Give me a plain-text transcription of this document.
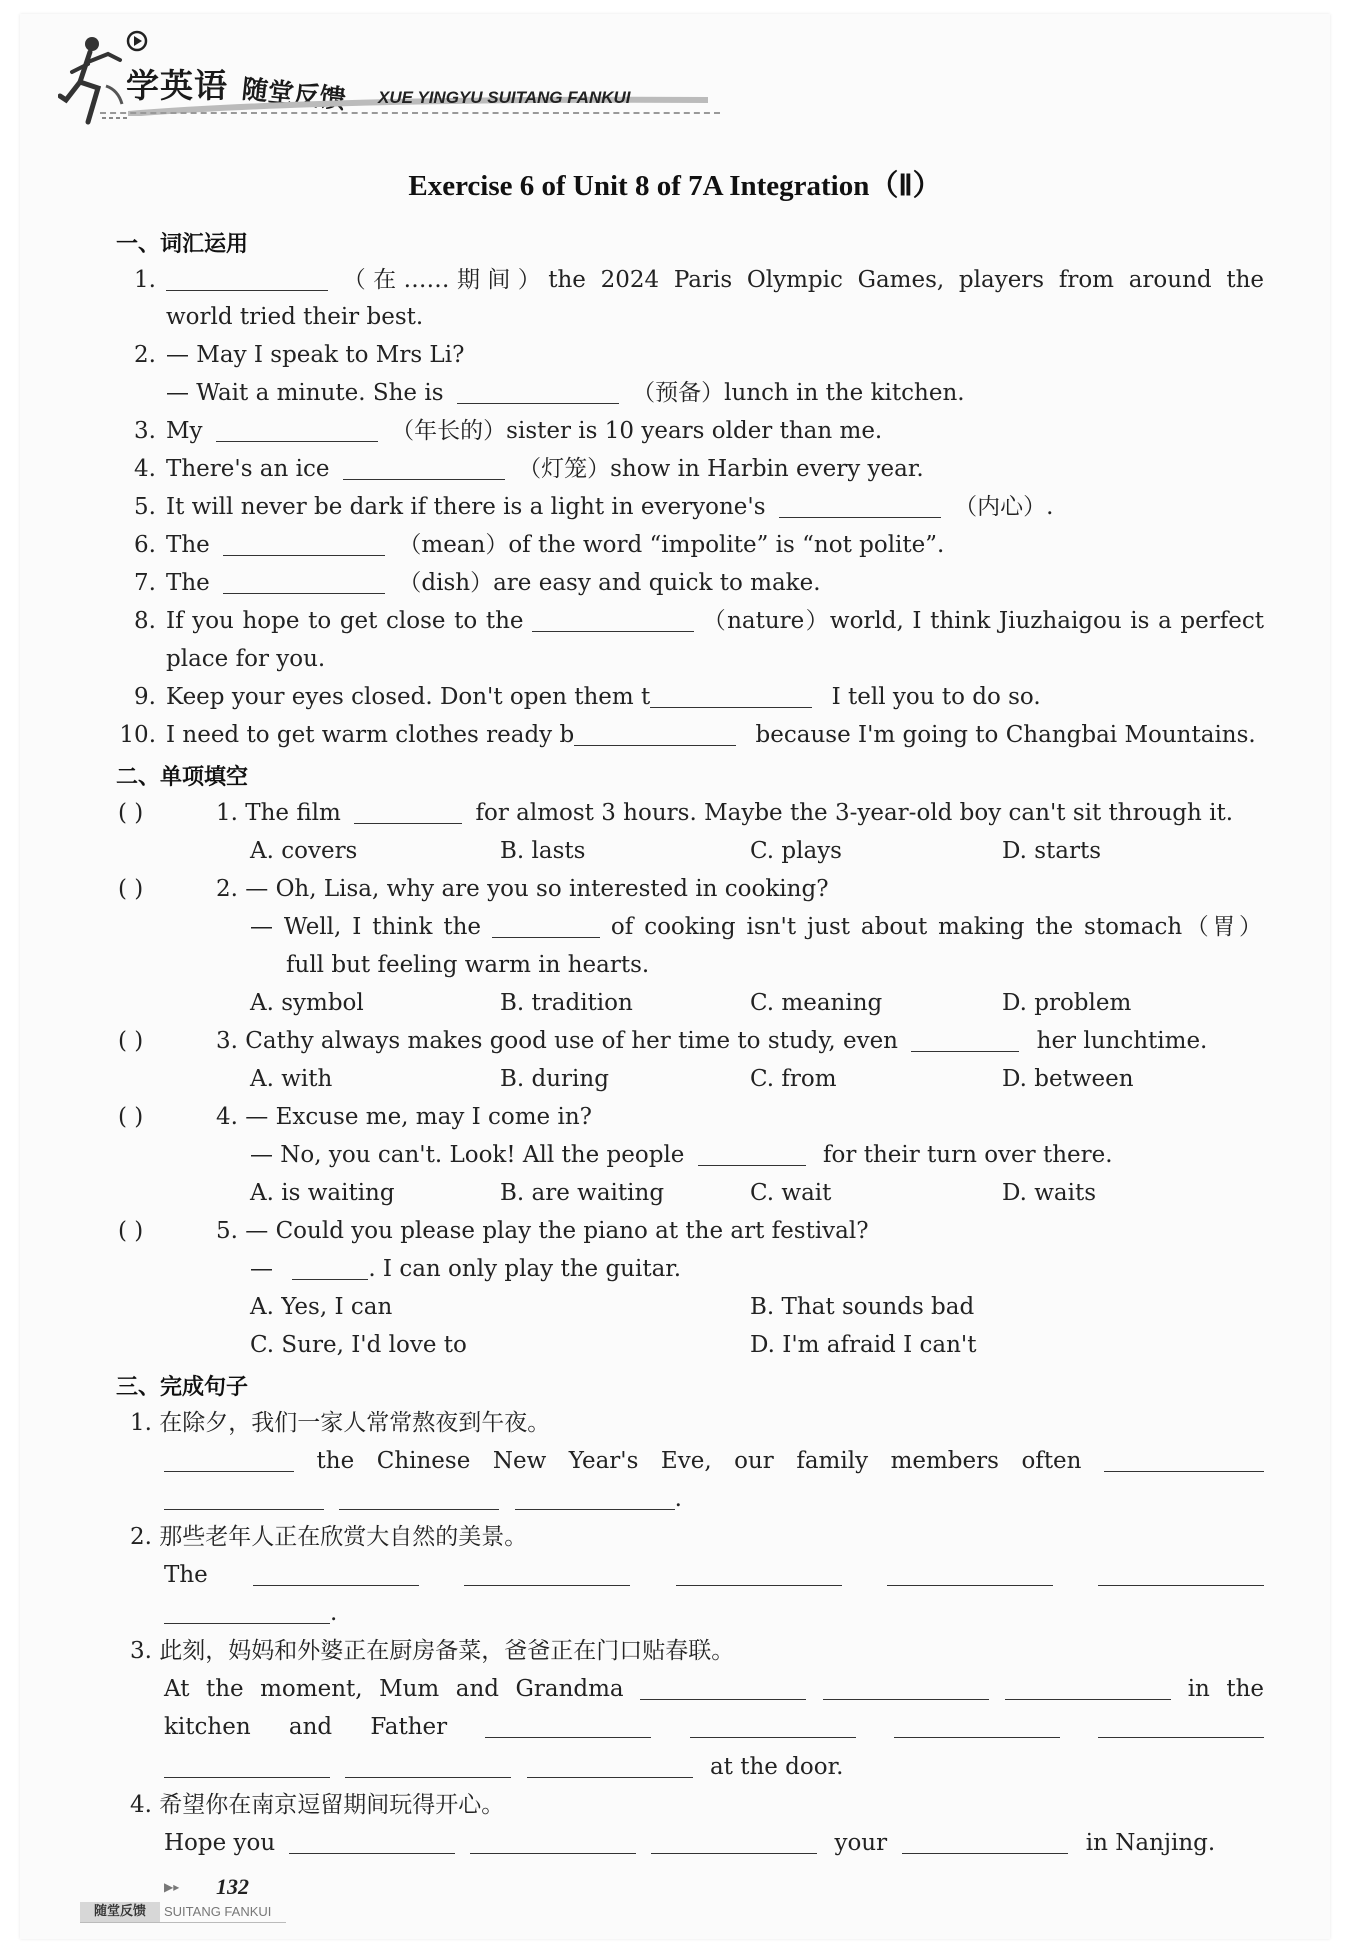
学英语 随堂反馈 XUE YINGYU SUITANG FANKUI
Exercise 6 of Unit 8 of 7A Integration（Ⅱ）
一、词汇运用
1.	（在……期间）the 2024 Paris Olympic Games, players from around the
world tried their best.
2. — May I speak to Mrs Li?
— Wait a minute. She is	（预备）lunch in the kitchen.
3. My	（年长的）sister is 10 years older than me.
4. There's an ice	（灯笼）show in Harbin every year.
5. It will never be dark if there is a light in everyone's	（内心）.
6. The	（mean）of the word “impolite” is “not polite”.
7. The	（dish）are easy and quick to make.
8. If you hope to get close to the	（nature）world, I think Jiuzhaigou is a perfect
place for you.
9. Keep your eyes closed. Don't open them t	I tell you to do so.
10. I need to get warm clothes ready b	because I'm going to Changbai Mountains.
二、单项填空
( )	1. The film	for almost 3 hours. Maybe the 3-year-old boy can't sit through it.
A. covers	B. lasts	C. plays	D. starts
( )	2. — Oh, Lisa, why are you so interested in cooking?
— Well, I think the	of cooking isn't just about making the stomach（胃）
full but feeling warm in hearts.
A. symbol	B. tradition	C. meaning	D. problem
( )	3. Cathy always makes good use of her time to study, even	her lunchtime.
A. with	B. during	C. from	D. between
( )	4. — Excuse me, may I come in?
— No, you can't. Look! All the people	for their turn over there.
A. is waiting	B. are waiting	C. wait	D. waits
( )	5. — Could you please play the piano at the art festival?
—	. I can only play the guitar.
A. Yes, I can	B. That sounds bad
C. Sure, I'd love to	D. I'm afraid I can't
三、完成句子
1. 在除夕，我们一家人常常熬夜到午夜。
the Chinese New Year's Eve, our family members often
.
2. 那些老年人正在欣赏大自然的美景。
The
.
3. 此刻，妈妈和外婆正在厨房备菜，爸爸正在门口贴春联。
At the moment, Mum and Grandma	in the
kitchen and Father
at the door.
4. 希望你在南京逗留期间玩得开心。
Hope you	your	in Nanjing.
▶▸ 132
随堂反馈	SUITANG FANKUI
